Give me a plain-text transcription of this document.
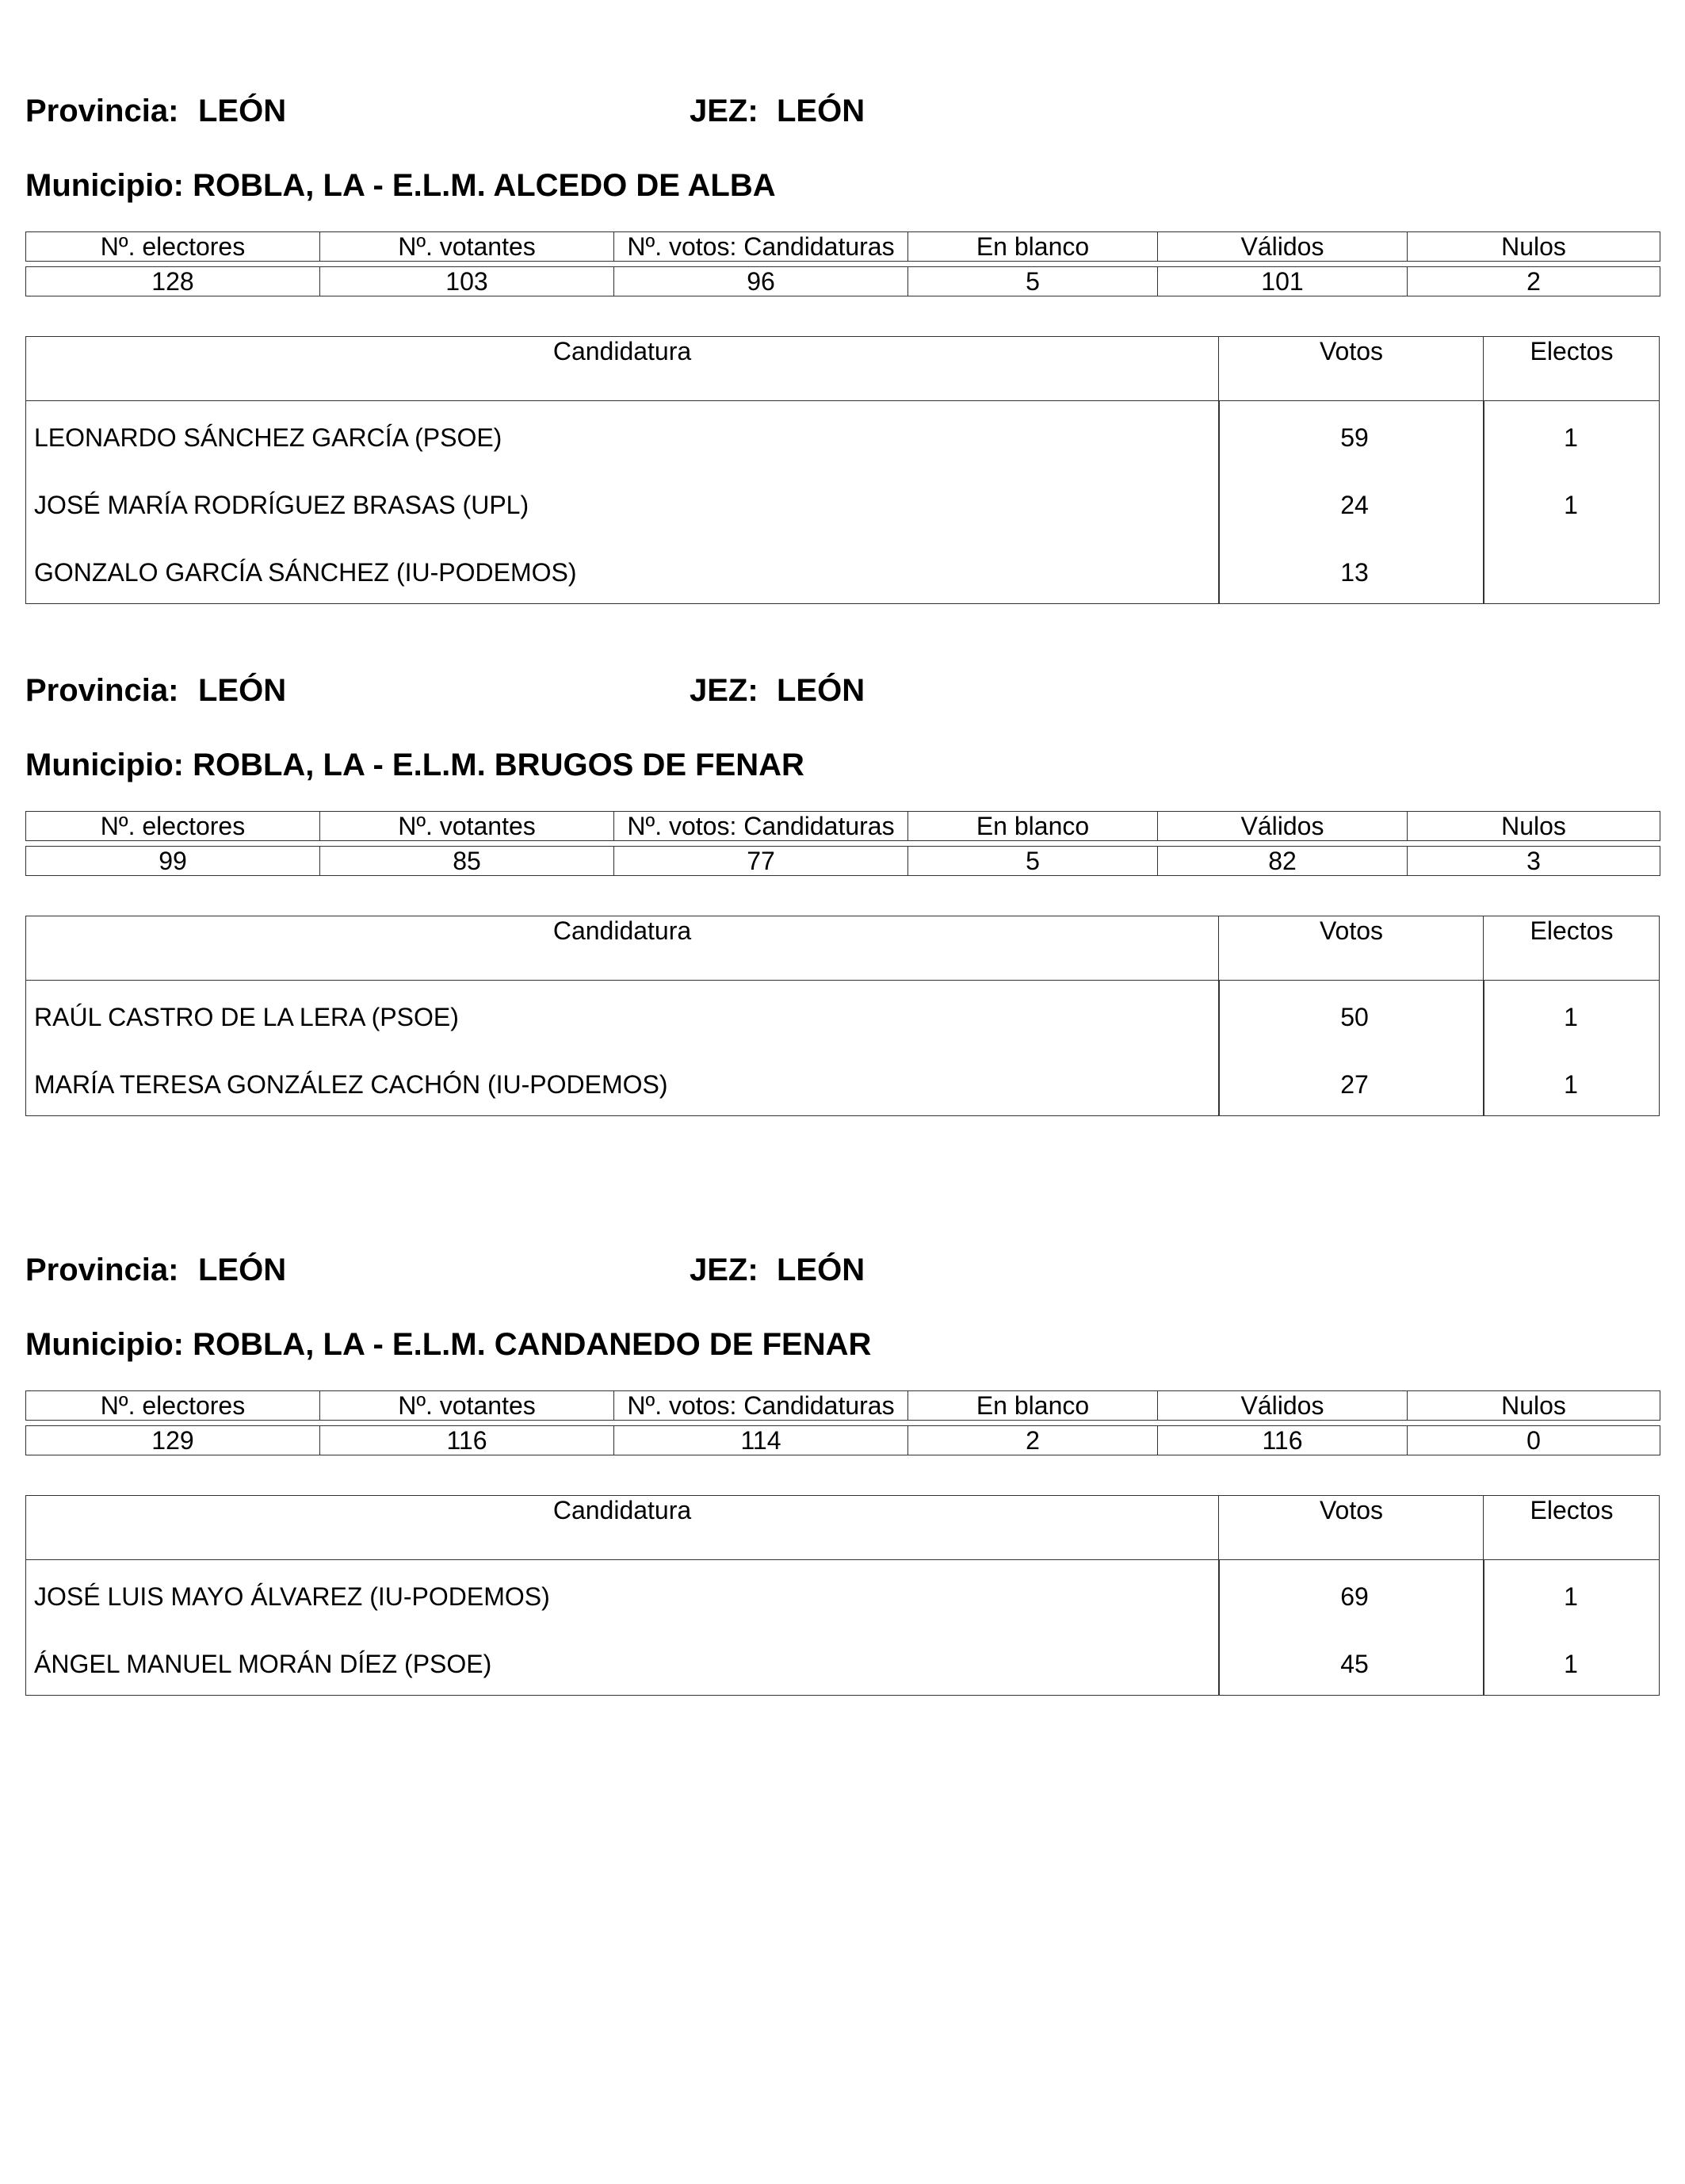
Provincia: LEÓN	JEZ: LEÓN
Municipio: ROBLA, LA - E.L.M. ALCEDO DE ALBA
Nº. electores	Nº. votantes	Nº. votos: Candidaturas	En blanco	Válidos	Nulos

128	103	96	5	101	2
Candidatura	Votos	Electos
LEONARDO SÁNCHEZ GARCÍA (PSOE)	59	1
JOSÉ MARÍA RODRÍGUEZ BRASAS (UPL)	24	1
GONZALO GARCÍA SÁNCHEZ (IU-PODEMOS)	13
Provincia: LEÓN	JEZ: LEÓN
Municipio: ROBLA, LA - E.L.M. BRUGOS DE FENAR
Nº. electores	Nº. votantes	Nº. votos: Candidaturas	En blanco	Válidos	Nulos

99	85	77	5	82	3
Candidatura	Votos	Electos
RAÚL CASTRO DE LA LERA (PSOE)	50	1
MARÍA TERESA GONZÁLEZ CACHÓN (IU-PODEMOS)	27	1
Provincia: LEÓN	JEZ: LEÓN
Municipio: ROBLA, LA - E.L.M. CANDANEDO DE FENAR
Nº. electores	Nº. votantes	Nº. votos: Candidaturas	En blanco	Válidos	Nulos

129	116	114	2	116	0
Candidatura	Votos	Electos
JOSÉ LUIS MAYO ÁLVAREZ (IU-PODEMOS)	69	1
ÁNGEL MANUEL MORÁN DÍEZ (PSOE)	45	1
